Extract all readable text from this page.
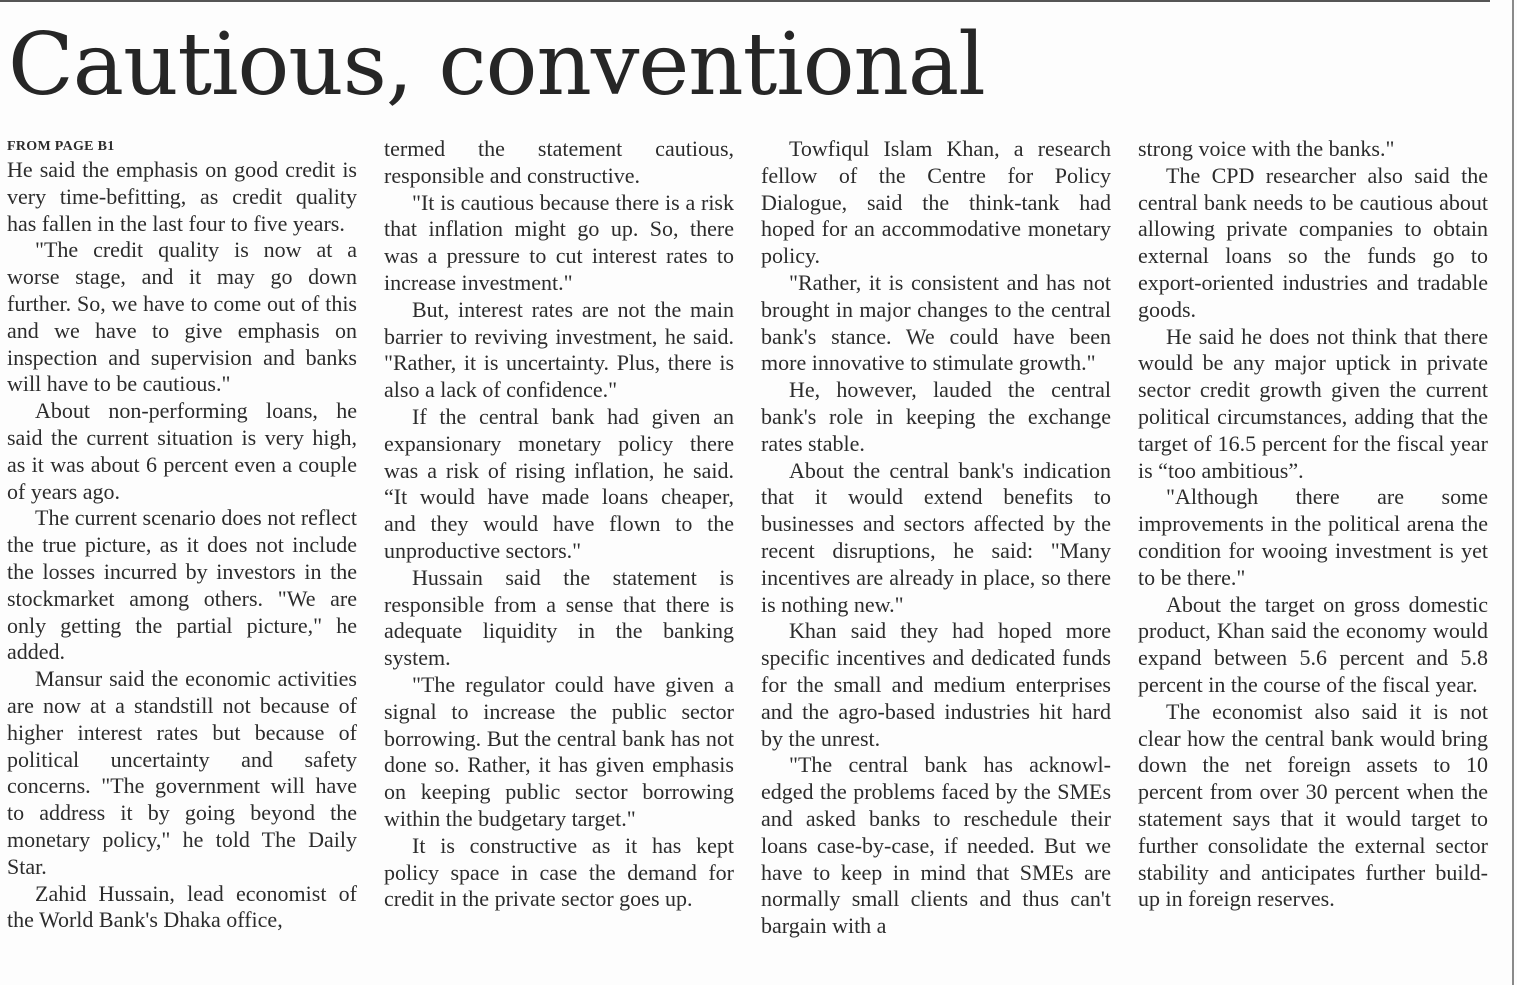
Cautious, conventional
FROM PAGE B1

He said the emphasis on good credit is very time-befitting, as credit quality has fallen in the last four to five years.

"The credit quality is now at a worse stage, and it may go down further. So, we have to come out of this and we have to give emphasis on inspection and supervision and banks will have to be cautious."

About non-performing loans, he said the current situation is very high, as it was about 6 percent even a couple of years ago.

The current scenario does not reflect the true picture, as it does not include the losses incurred by investors in the stockmarket among others. "We are only getting the partial picture," he added.

Mansur said the economic activities are now at a standstill not because of higher interest rates but because of political uncertainty and safety concerns. "The government will have to address it by going beyond the monetary policy," he told The Daily Star.

Zahid Hussain, lead economist of the World Bank's Dhaka office,

termed the statement cautious, responsible and constructive.

"It is cautious because there is a risk that inflation might go up. So, there was a pressure to cut interest rates to increase investment."

But, interest rates are not the main barrier to reviving investment, he said. "Rather, it is uncertainty. Plus, there is also a lack of confidence."

If the central bank had given an expansionary monetary policy there was a risk of rising inflation, he said. “It would have made loans cheaper, and they would have flown to the unproductive sectors."

Hussain said the statement is responsible from a sense that there is adequate liquidity in the banking system.

"The regulator could have given a signal to increase the public sector borrowing. But the central bank has not done so. Rather, it has given emphasis on keeping public sector borrowing within the budgetary target."

It is constructive as it has kept policy space in case the demand for credit in the private sector goes up.

Towfiqul Islam Khan, a research fellow of the Centre for Policy Dialogue, said the think-tank had hoped for an accommodative monetary policy.

"Rather, it is consistent and has not brought in major changes to the central bank's stance. We could have been more innovative to stimulate growth."

He, however, lauded the central bank's role in keeping the exchange rates stable.

About the central bank's indication that it would extend benefits to businesses and sectors affected by the recent disruptions, he said: "Many incentives are already in place, so there is nothing new."

Khan said they had hoped more specific incentives and dedicated funds for the small and medium enterprises and the agro-based industries hit hard by the unrest.

"The central bank has acknowledged the problems faced by the SMEs and asked banks to reschedule their loans case-by-case, if needed. But we have to keep in mind that SMEs are normally small clients and thus can't bargain with a

strong voice with the banks."

The CPD researcher also said the central bank needs to be cautious about allowing private companies to obtain external loans so the funds go to export-oriented industries and tradable goods.

He said he does not think that there would be any major uptick in private sector credit growth given the current political circumstances, adding that the target of 16.5 percent for the fiscal year is “too ambitious”.

"Although there are some improvements in the political arena the condition for wooing investment is yet to be there."

About the target on gross domestic product, Khan said the economy would expand between 5.6 percent and 5.8 percent in the course of the fiscal year.

The economist also said it is not clear how the central bank would bring down the net foreign assets to 10 percent from over 30 percent when the statement says that it would target to further consolidate the external sector stability and anticipates further build-up in foreign reserves.
